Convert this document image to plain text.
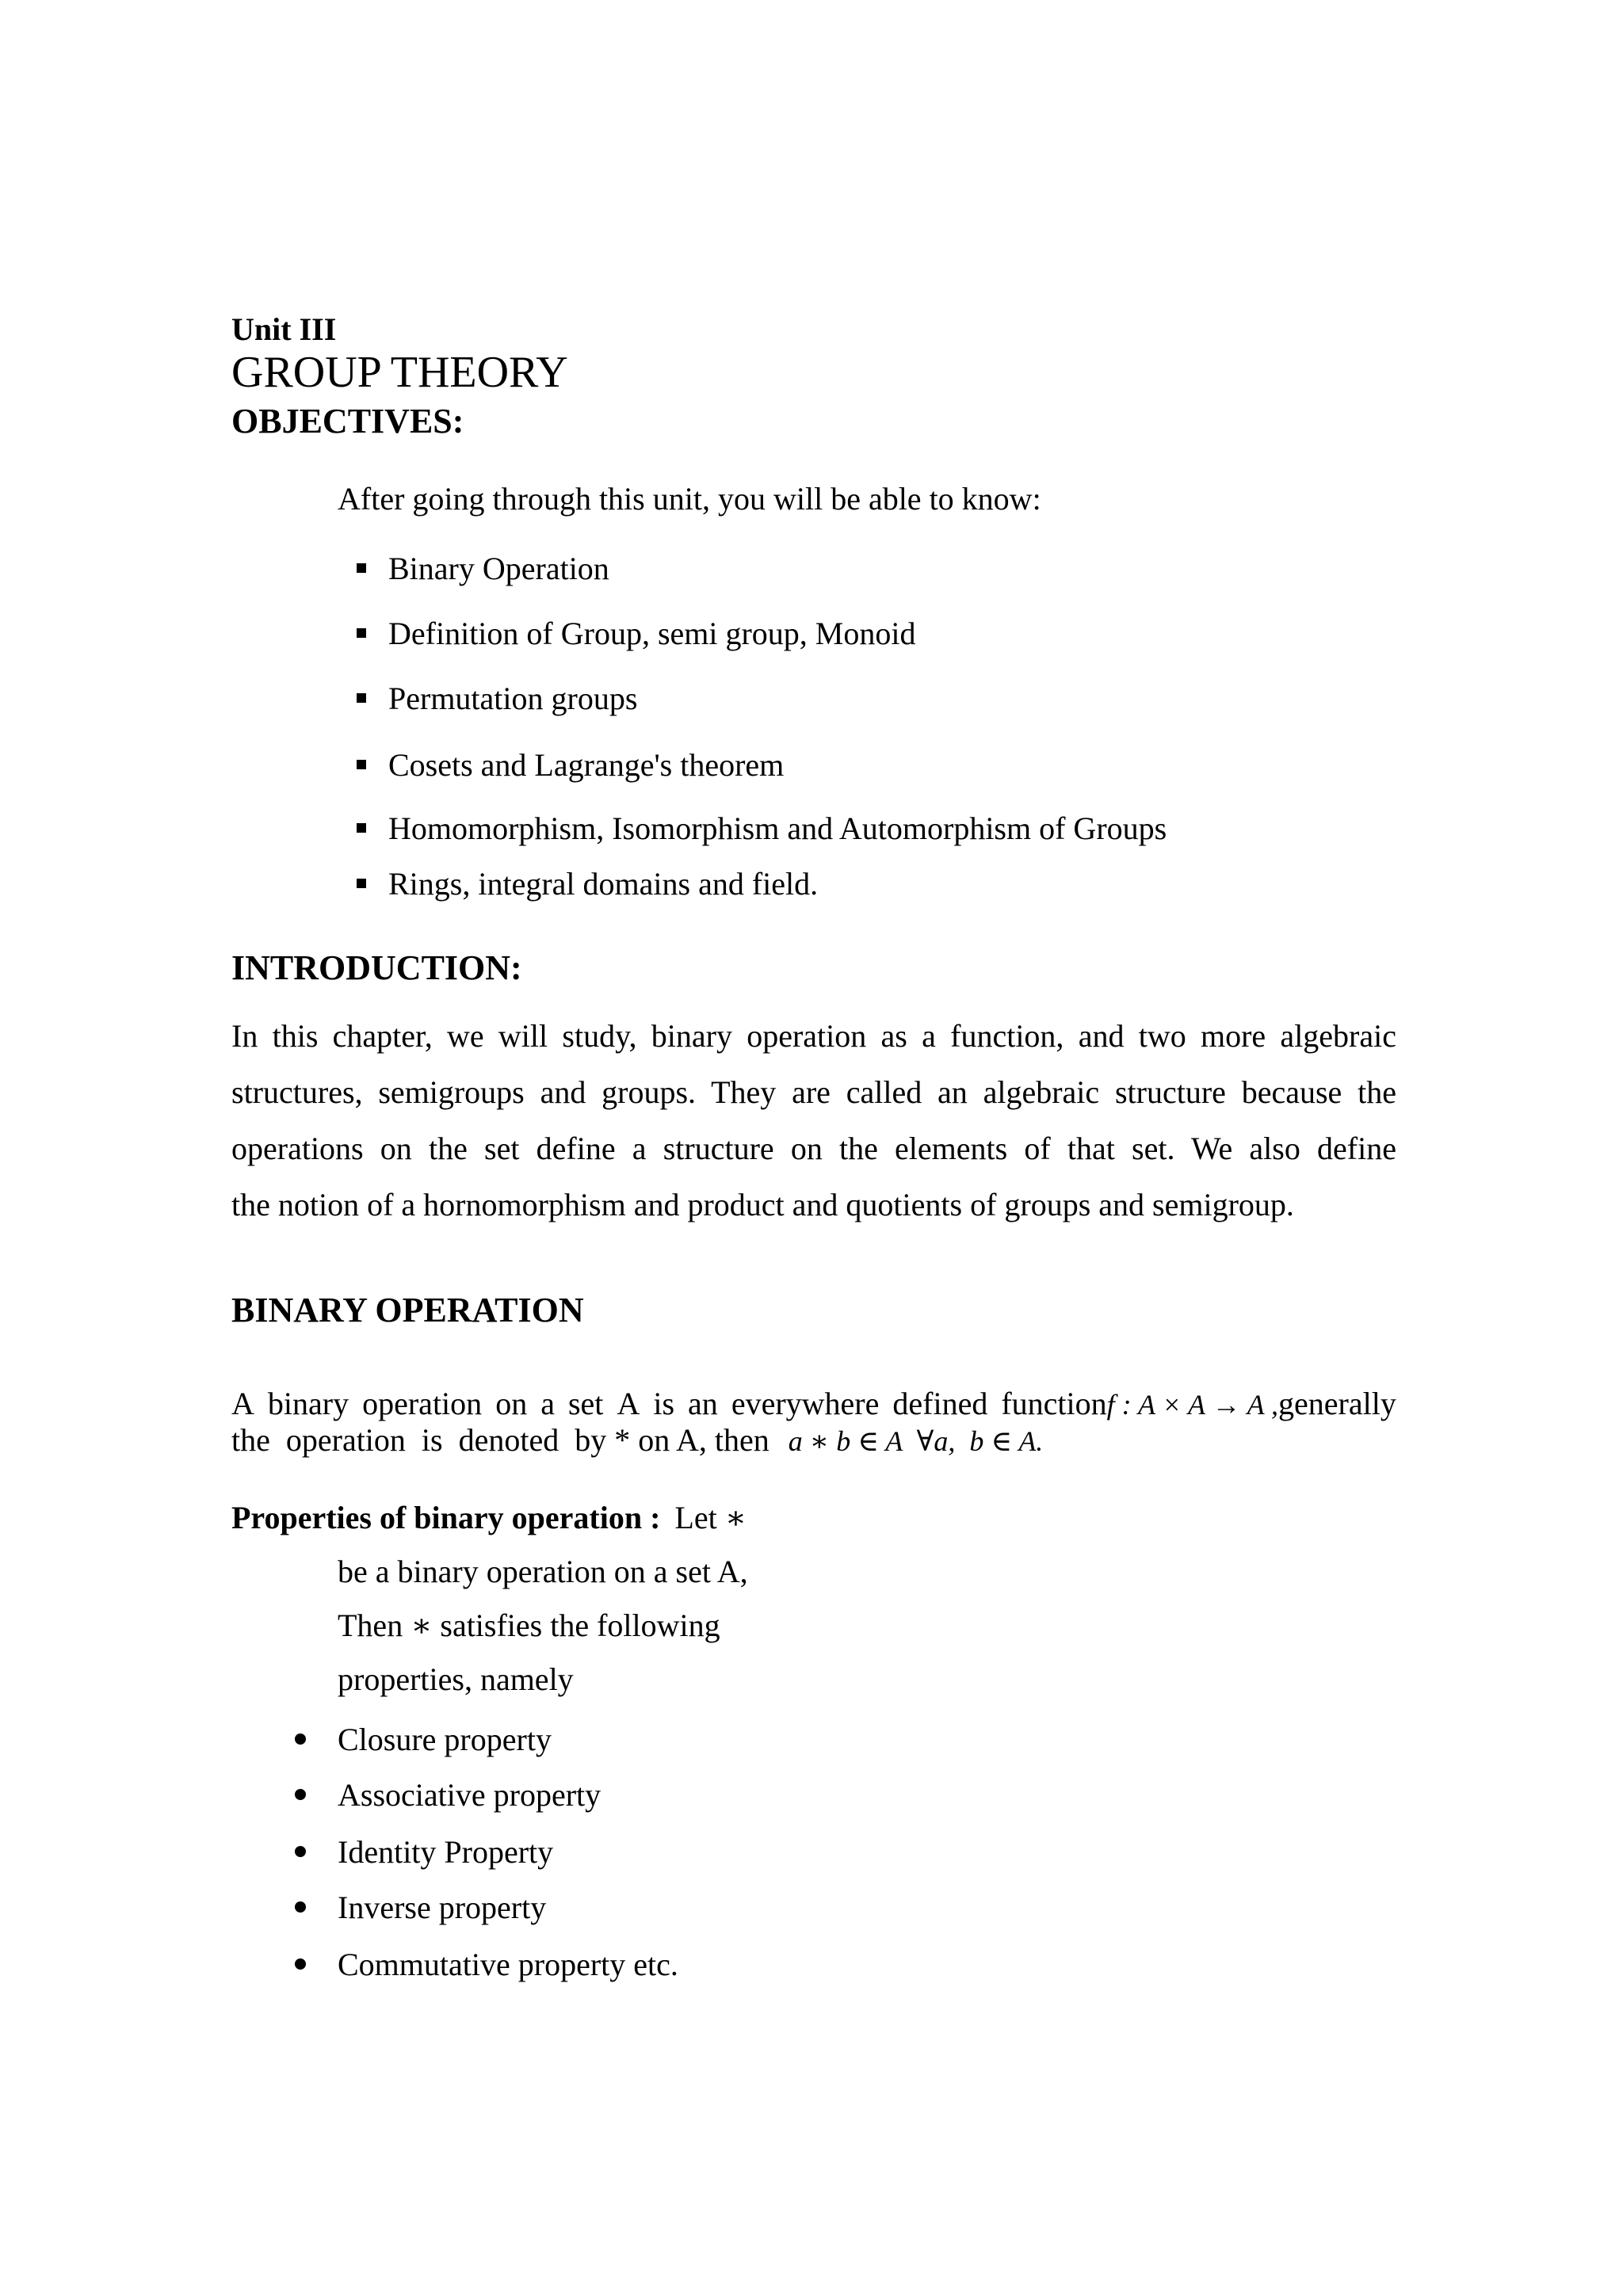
Unit III
GROUP THEORY
OBJECTIVES:
After going through this unit, you will be able to know:
Binary Operation
Definition of Group, semi group, Monoid
Permutation groups
Cosets and Lagrange's theorem
Homomorphism, Isomorphism and Automorphism of Groups
Rings, integral domains and field.
INTRODUCTION:
In this chapter, we will study, binary operation as a function, and two more algebraic
structures, semigroups and groups. They are called an algebraic structure because the
operations on the set define a structure on the elements of that set. We also define
the notion of a hornomorphism and product and quotients of groups and semigroup.
BINARY OPERATION
A binary operation on a set A is an everywhere defined functionf : A × A → A ,generally
the  operation  is  denoted  by * on A, then a ∗ b ∈ A  ∀a,  b ∈ A.
Properties of binary operation : Let ∗
be a binary operation on a set A,
Then ∗ satisfies the following
properties, namely
Closure property
Associative property
Identity Property
Inverse property
Commutative property etc.
